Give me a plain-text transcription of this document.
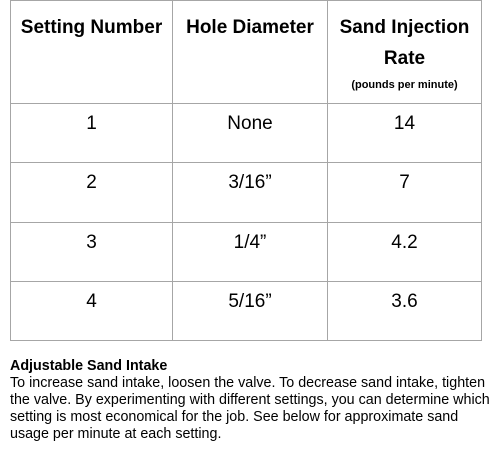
Setting Number	Hole Diameter	Sand Injection Rate
(pounds per minute)

1	None	14

2	3/16”	7

3	1/4”	4.2

4	5/16”	3.6
Adjustable Sand Intake
To increase sand intake, loosen the valve. To decrease sand intake, tighten the valve. By experimenting with different settings, you can determine which setting is most economical for the job. See below for approximate sand usage per minute at each setting.
